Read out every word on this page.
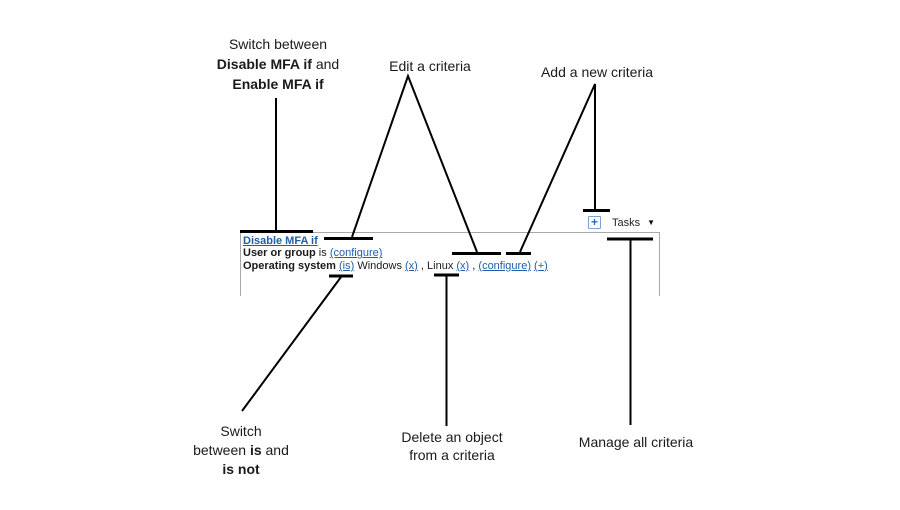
Switch between
Disable MFA if and
Enable MFA if
Edit a criteria	Add a new criteria
Switch
between is and
is not
Delete an object
from a criteria
Manage all criteria
+ Tasks ▼
Disable MFA if
User or group is (configure)
Operating system (is) Windows (x) , Linux (x) , (configure) (+)
